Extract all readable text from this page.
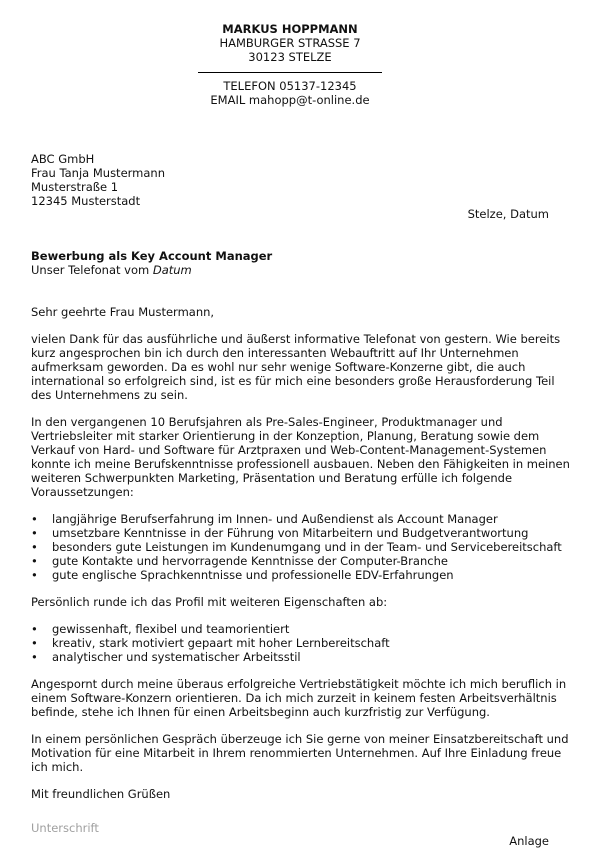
MARKUS HOPPMANN
HAMBURGER STRASSE 7
30123 STELZE
TELEFON 05137-12345
EMAIL mahopp@t-online.de
ABC GmbH
Frau Tanja Mustermann
Musterstraße 1
12345 Musterstadt
Stelze, Datum
Bewerbung als Key Account Manager
Unser Telefonat vom Datum

Sehr geehrte Frau Mustermann,

vielen Dank für das ausführliche und äußerst informative Telefonat von gestern. Wie bereits kurz angesprochen bin ich durch den interessanten Webauftritt auf Ihr Unternehmen aufmerksam geworden. Da es wohl nur sehr wenige Software-Konzerne gibt, die auch international so erfolgreich sind, ist es für mich eine besonders große Herausforderung Teil des Unternehmens zu sein.

In den vergangenen 10 Berufsjahren als Pre-Sales-Engineer, Produktmanager und Vertriebsleiter mit starker Orientierung in der Konzeption, Planung, Beratung sowie dem Verkauf von Hard- und Software für Arztpraxen und Web-Content-Management-Systemen konnte ich meine Berufskenntnisse professionell ausbauen. Neben den Fähigkeiten in meinen weiteren Schwerpunkten Marketing, Präsentation und Beratung erfülle ich folgende Voraussetzungen:

• langjährige Berufserfahrung im Innen- und Außendienst als Account Manager
• umsetzbare Kenntnisse in der Führung von Mitarbeitern und Budgetverantwortung
• besonders gute Leistungen im Kundenumgang und in der Team- und Servicebereitschaft
• gute Kontakte und hervorragende Kenntnisse der Computer-Branche
• gute englische Sprachkenntnisse und professionelle EDV-Erfahrungen

Persönlich runde ich das Profil mit weiteren Eigenschaften ab:

• gewissenhaft, flexibel und teamorientiert
• kreativ, stark motiviert gepaart mit hoher Lernbereitschaft
• analytischer und systematischer Arbeitsstil

Angespornt durch meine überaus erfolgreiche Vertriebstätigkeit möchte ich mich beruflich in einem Software-Konzern orientieren. Da ich mich zurzeit in keinem festen Arbeitsverhältnis befinde, stehe ich Ihnen für einen Arbeitsbeginn auch kurzfristig zur Verfügung.

In einem persönlichen Gespräch überzeuge ich Sie gerne von meiner Einsatzbereitschaft und Motivation für eine Mitarbeit in Ihrem renommierten Unternehmen. Auf Ihre Einladung freue ich mich.

Mit freundlichen Grüßen

Unterschrift
Anlage
